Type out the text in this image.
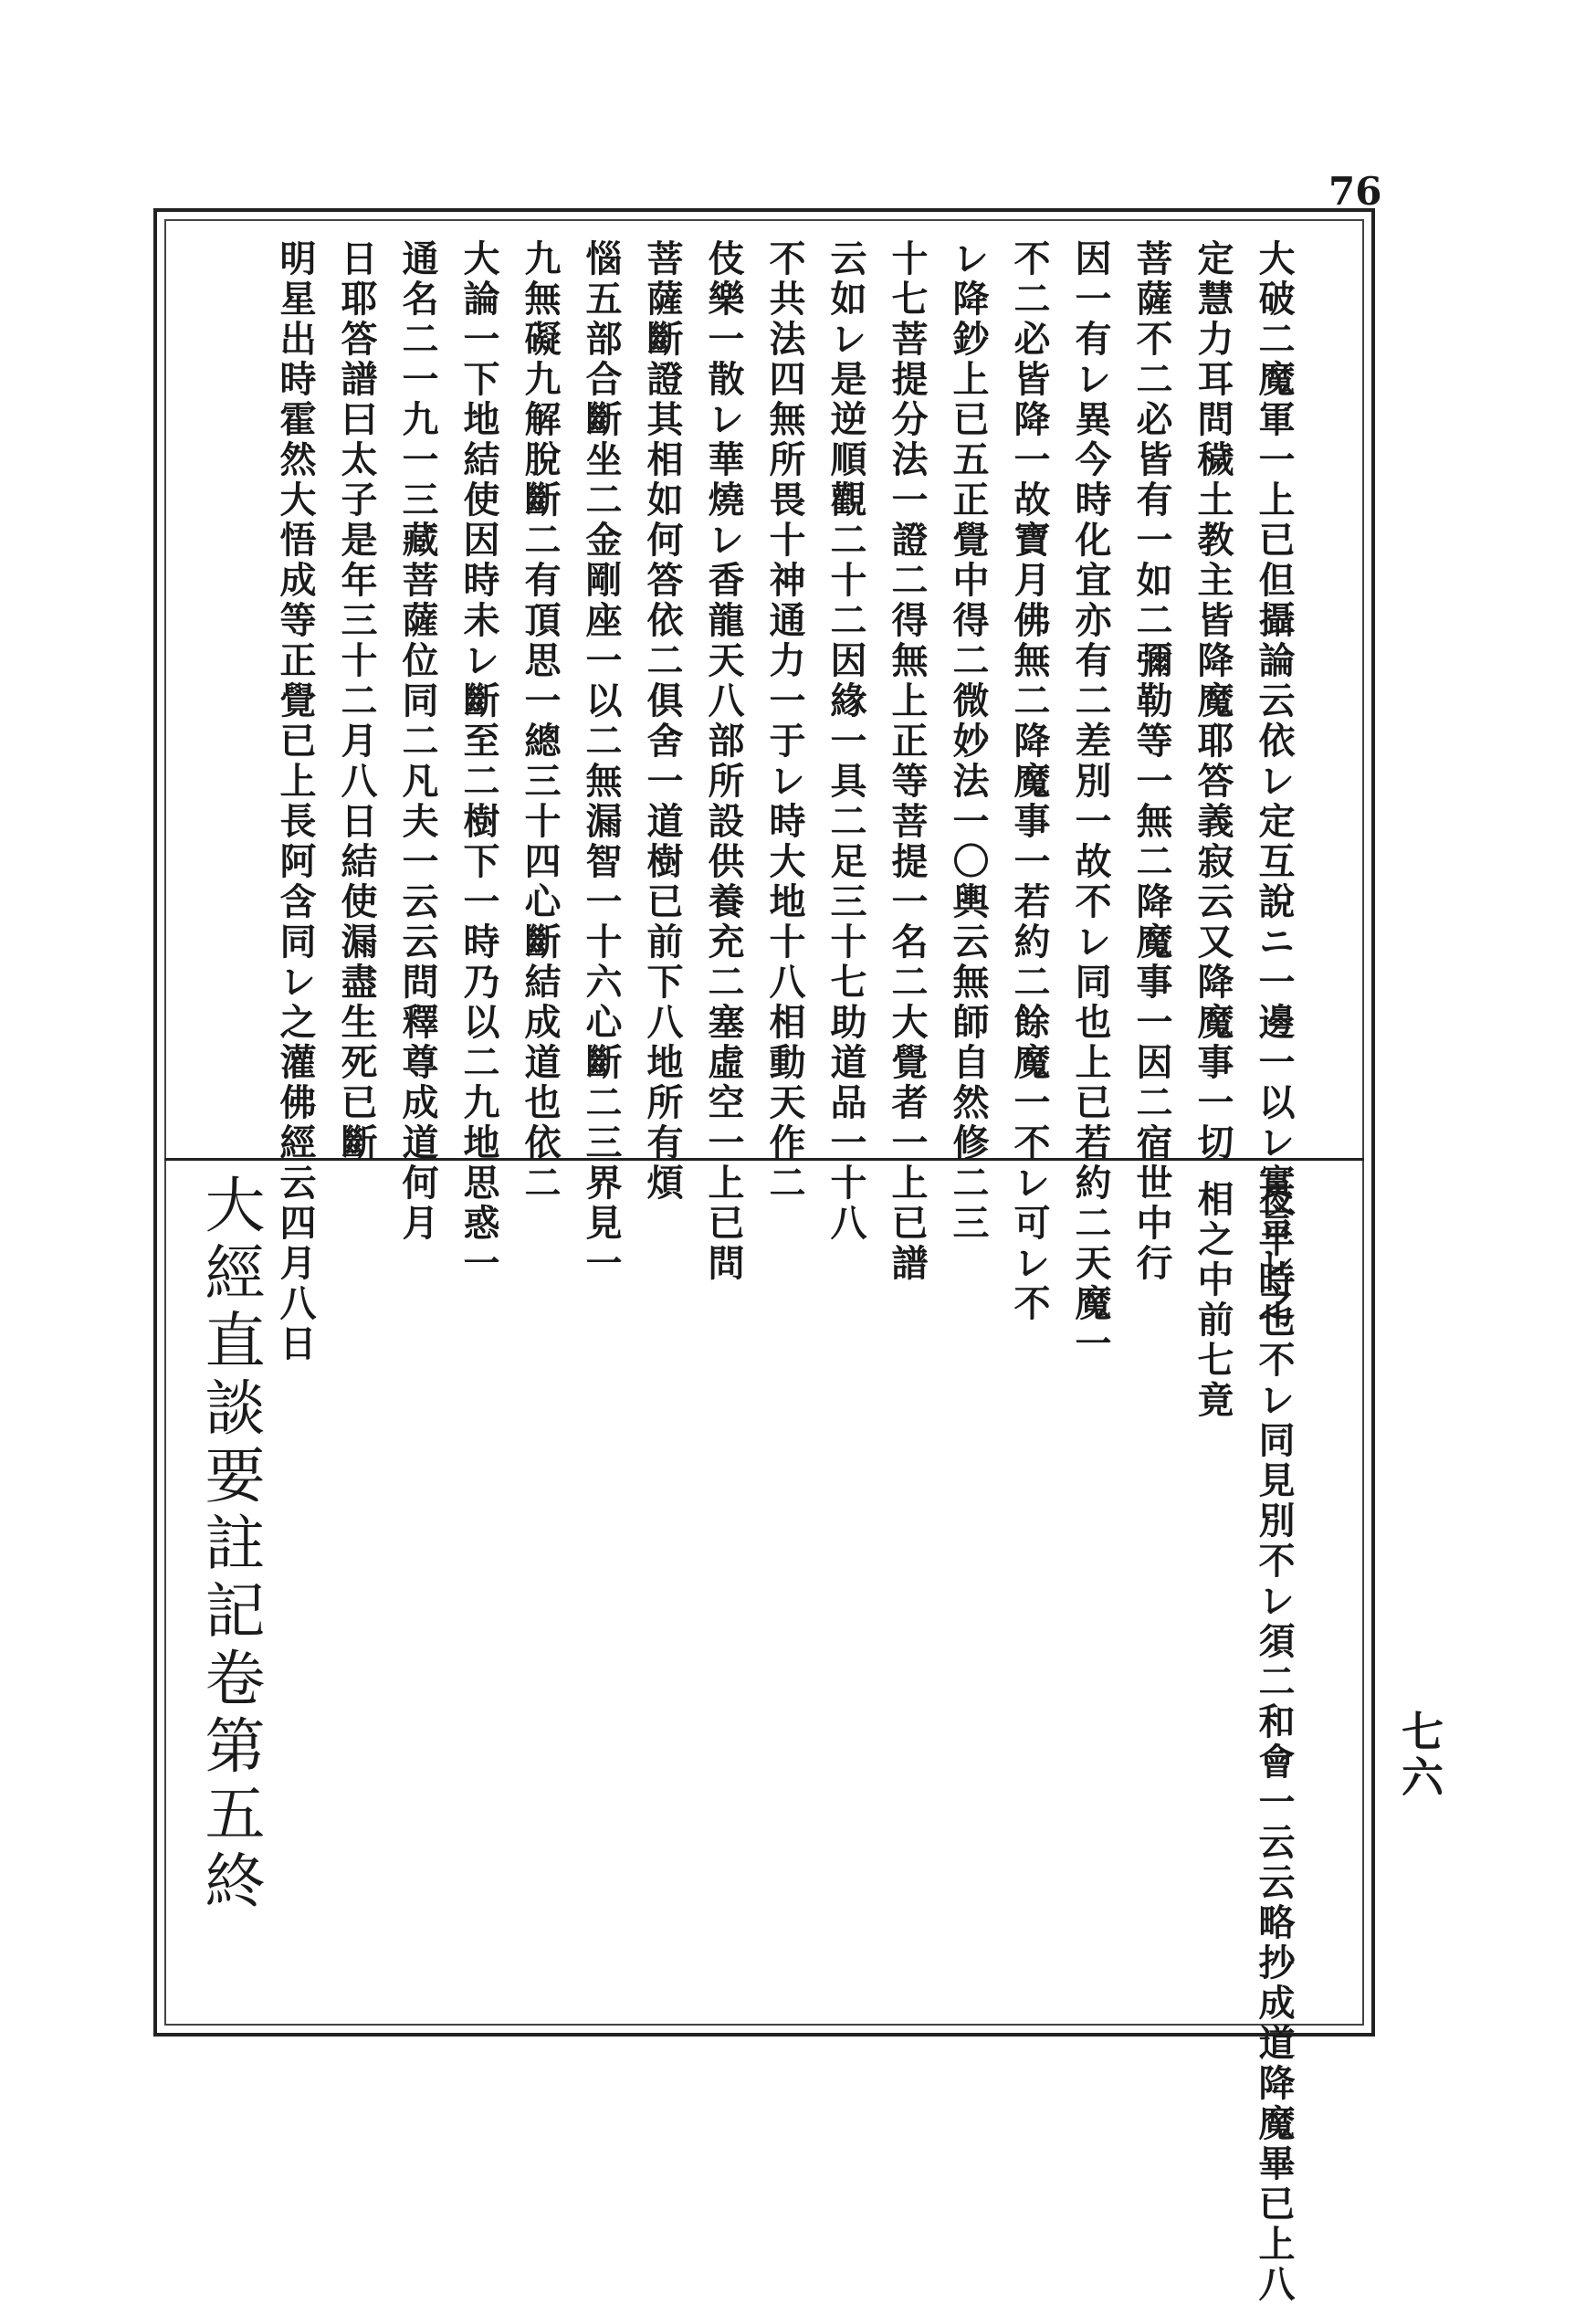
76
大破二魔軍一上已但攝論云依レ定互說ニ一邊一以レ實言レ之
定慧力耳問穢土教主皆降魔耶答義寂云又降魔事一切
菩薩不二必皆有一如二彌勒等一無二降魔事一因二宿世中行
因一有レ異今時化宜亦有二差別一故不レ同也上已若約二天魔一
不二必皆降一故寶月佛無二降魔事一若約二餘魔一不レ可レ不
レ降鈔上已五正覺中得二微妙法一〇輿云無師自然修二三
十七菩提分法一證二得無上正等菩提一名二大覺者一上已譜
云如レ是逆順觀二十二因緣一具二足三十七助道品一十八
不共法四無所畏十神通力一于レ時大地十八相動天作二
伎樂一散レ華燒レ香龍天八部所設供養充二塞虛空一上已問
菩薩斷證其相如何答依二俱舍一道樹已前下八地所有煩
惱五部合斷坐二金剛座一以二無漏智一十六心斷二三界見一
九無礙九解脫斷二有頂思一總三十四心斷結成道也依二
大論一下地結使因時未レ斷至二樹下一時乃以二九地思惑一
通名二一九一三藏菩薩位同二凡夫一云云問釋尊成道何月
日耶答譜曰太子是年三十二月八日結使漏盡生死已斷
明星出時霍然大悟成等正覺已上長阿含同レ之灌佛經云四月八日
夜半時也不レ同見別不レ須二和會一云云略抄成道降魔畢已上八
相之中前七竟
大經直談要註記卷第五終	七六
